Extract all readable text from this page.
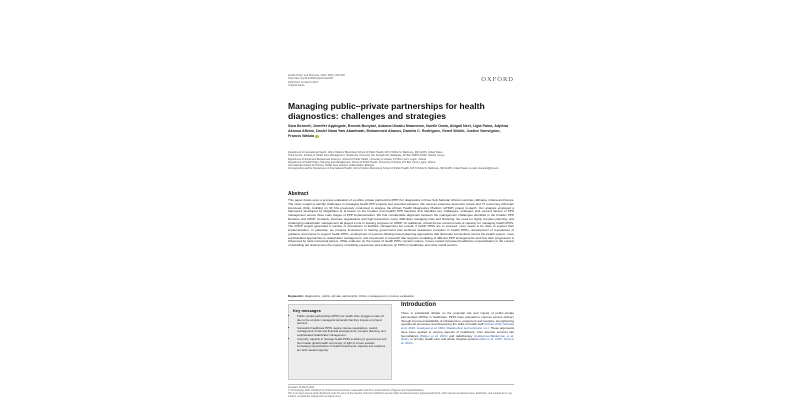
Health Policy and Planning, 2024, 39(6), 000-000
https://doi.org/10.1093/heapol/czae000
Published: 12 March 2024
Original article
OXFORD
Managing public–private partnerships for health diagnostics: challenges and strategies
Sara Bennett, Jennifer Applegate, Brenda Bunyasi, Adanna Uloaku Nwameme, Noelle Orata, Abigail Neel, Ligia Paina, Adjelwa Akossa Affram, Daniel Nana Yaw Abankwah, Mohammed Abasov, Daniela C. Rodriguez, Genet Wolde, Justice Nonvignon, Francis Wafula
Department of International Health, Johns Hopkins Bloomberg School of Public Health, 615 N Wolfe St, Baltimore, MD 21205, United States
Think Centre, Institute of Health Care Management, Strathmore University, Ole Sangale Rd, Madaraka, PO Box 59857 00200, Nairobi, Kenya
Department of Social and Behavioural Sciences, School of Public Health, University of Ghana, P.O Box LG13, Legon, Ghana
Department of Health Policy, Planning and Management, School of Public Health, University of Ghana, P.O Box LG13, Legon, Ghana
International Institute for Primary Health Care, Eastern, Addis Ababa, Ethiopia
Corresponding author. Department of International Health, Johns Hopkins Bloomberg School of Public Health, 615 N Wolfe St, Baltimore, MD 21205, United States. E-mail: sbennett@jhu.edu
Abstract
This paper draws upon a process evaluation of a public–private partnership (PPP) for diagnostics in three Sub-Saharan African countries, Ethiopia, Ghana and Kenya. The study sought to identify challenges in managing health PPP projects and potential solutions. We used an extensive document review and 72 recent key informant interviews (KIIs), building on 63 KIIs previously conducted to analyse the African Health Diagnostics Platform (AHDP) project in-depth. Our analysis employed a framework developed by Magalhaes et al based on the broader (non-health) PPP literature that identifies key challenges, strategies and success factors in PPP management across three main stages of PPP implementation. We find considerable alignment between the management challenges identified in the broader PPP literature and AHDP. Certainly, intensive negotiations and high transaction costs; difficulties managing risks and financing; the need for highly complex planning; and challenging stakeholder management all played a role in slowing progress on AHDP. An additional, critical theme concerns lack of capacity for managing health PPPs. The AHDP project generated a number of innovations to facilitate management but overall, if health PPPs are to succeed, more needs to be done to support their implementation. In particular, we propose investment in training government and technical assistance providers in health PPPs, development of repositories of guidance documents to support health PPPs, employment of systems-thinking based planning approaches that illuminate connections across the health system, more sophisticated approaches to stakeholder management, and investment in research that supports modelling of different PPP arrangements and how their progression is influenced by local contextual factors. While evidence on the impact of health PPPs remains scarce, moves toward increased healthcare corporatization in the context of dwindling aid underscores the urgency of building experience and evidence on PPPs in healthcare and other social sectors.
Keywords: diagnostics, public–private partnership, Africa, management, process evaluation
Key messages
• Public–private partnerships (PPPs) for health often struggle to take off due to the complex managerial demands that they impose on project partners.
• Successful healthcare PPPs require intense negotiations, careful management of risk and financial arrangements, complex planning, and sophisticated stakeholder management.
• Currently, capacity to manage health PPPs is lacking in government and the broader global health community. In light of moves towards increasing corporatization of health investments, capacity and evidence are both needed urgently.
Introduction
There is substantial debate on the potential role and impact of public–private partnerships (PPPs) in healthcare. PPPs have potential to improve service delivery through improved availability of infrastructure, equipment and supplies, strengthening operational processes and developing the skills of health staff (Cohen 2016, Roheda et al. 2016, Goodyear et al. 2021, Raushenbar and Lehmann n.d.). These arguments have been applied to varying aspects of healthcare, from discrete services like hemodialysis (Patten et al. 2021) and radiotherapy (Andiwonso-Balderman et al. 2011), to primary health care and whole hospital systems (Mori et al. 2015, Scott et al. 2023).
Accepted: 26 March 2024
© The Author(s) 2024. Published by Oxford University Press in association with The London School of Hygiene and Tropical Medicine.
This is an Open Access article distributed under the terms of the Creative Commons Attribution License (https://creativecommons.org/licenses/by/4.0/), which permits unrestricted reuse, distribution, and reproduction in any medium, provided the original work is properly cited.
